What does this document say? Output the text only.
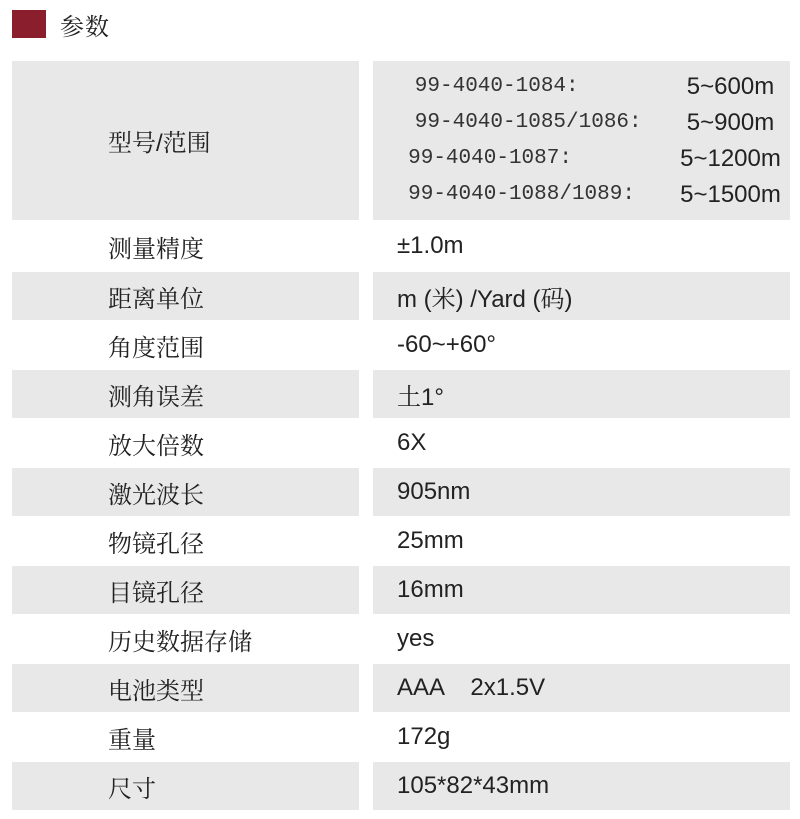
参数
型号/范围
99-4040-1084:	5~600m
99-4040-1085/1086:	5~900m
99-4040-1087:	5~1200m
99-4040-1088/1089:	5~1500m
测量精度	±1.0m
距离单位	m (米) /Yard (码)
角度范围	-60~+60°
测角误差	土1°
放大倍数	6X
激光波长	905nm
物镜孔径	25mm
目镜孔径	16mm
历史数据存储	yes
电池类型	AAA    2x1.5V
重量	172g
尺寸	105*82*43mm
